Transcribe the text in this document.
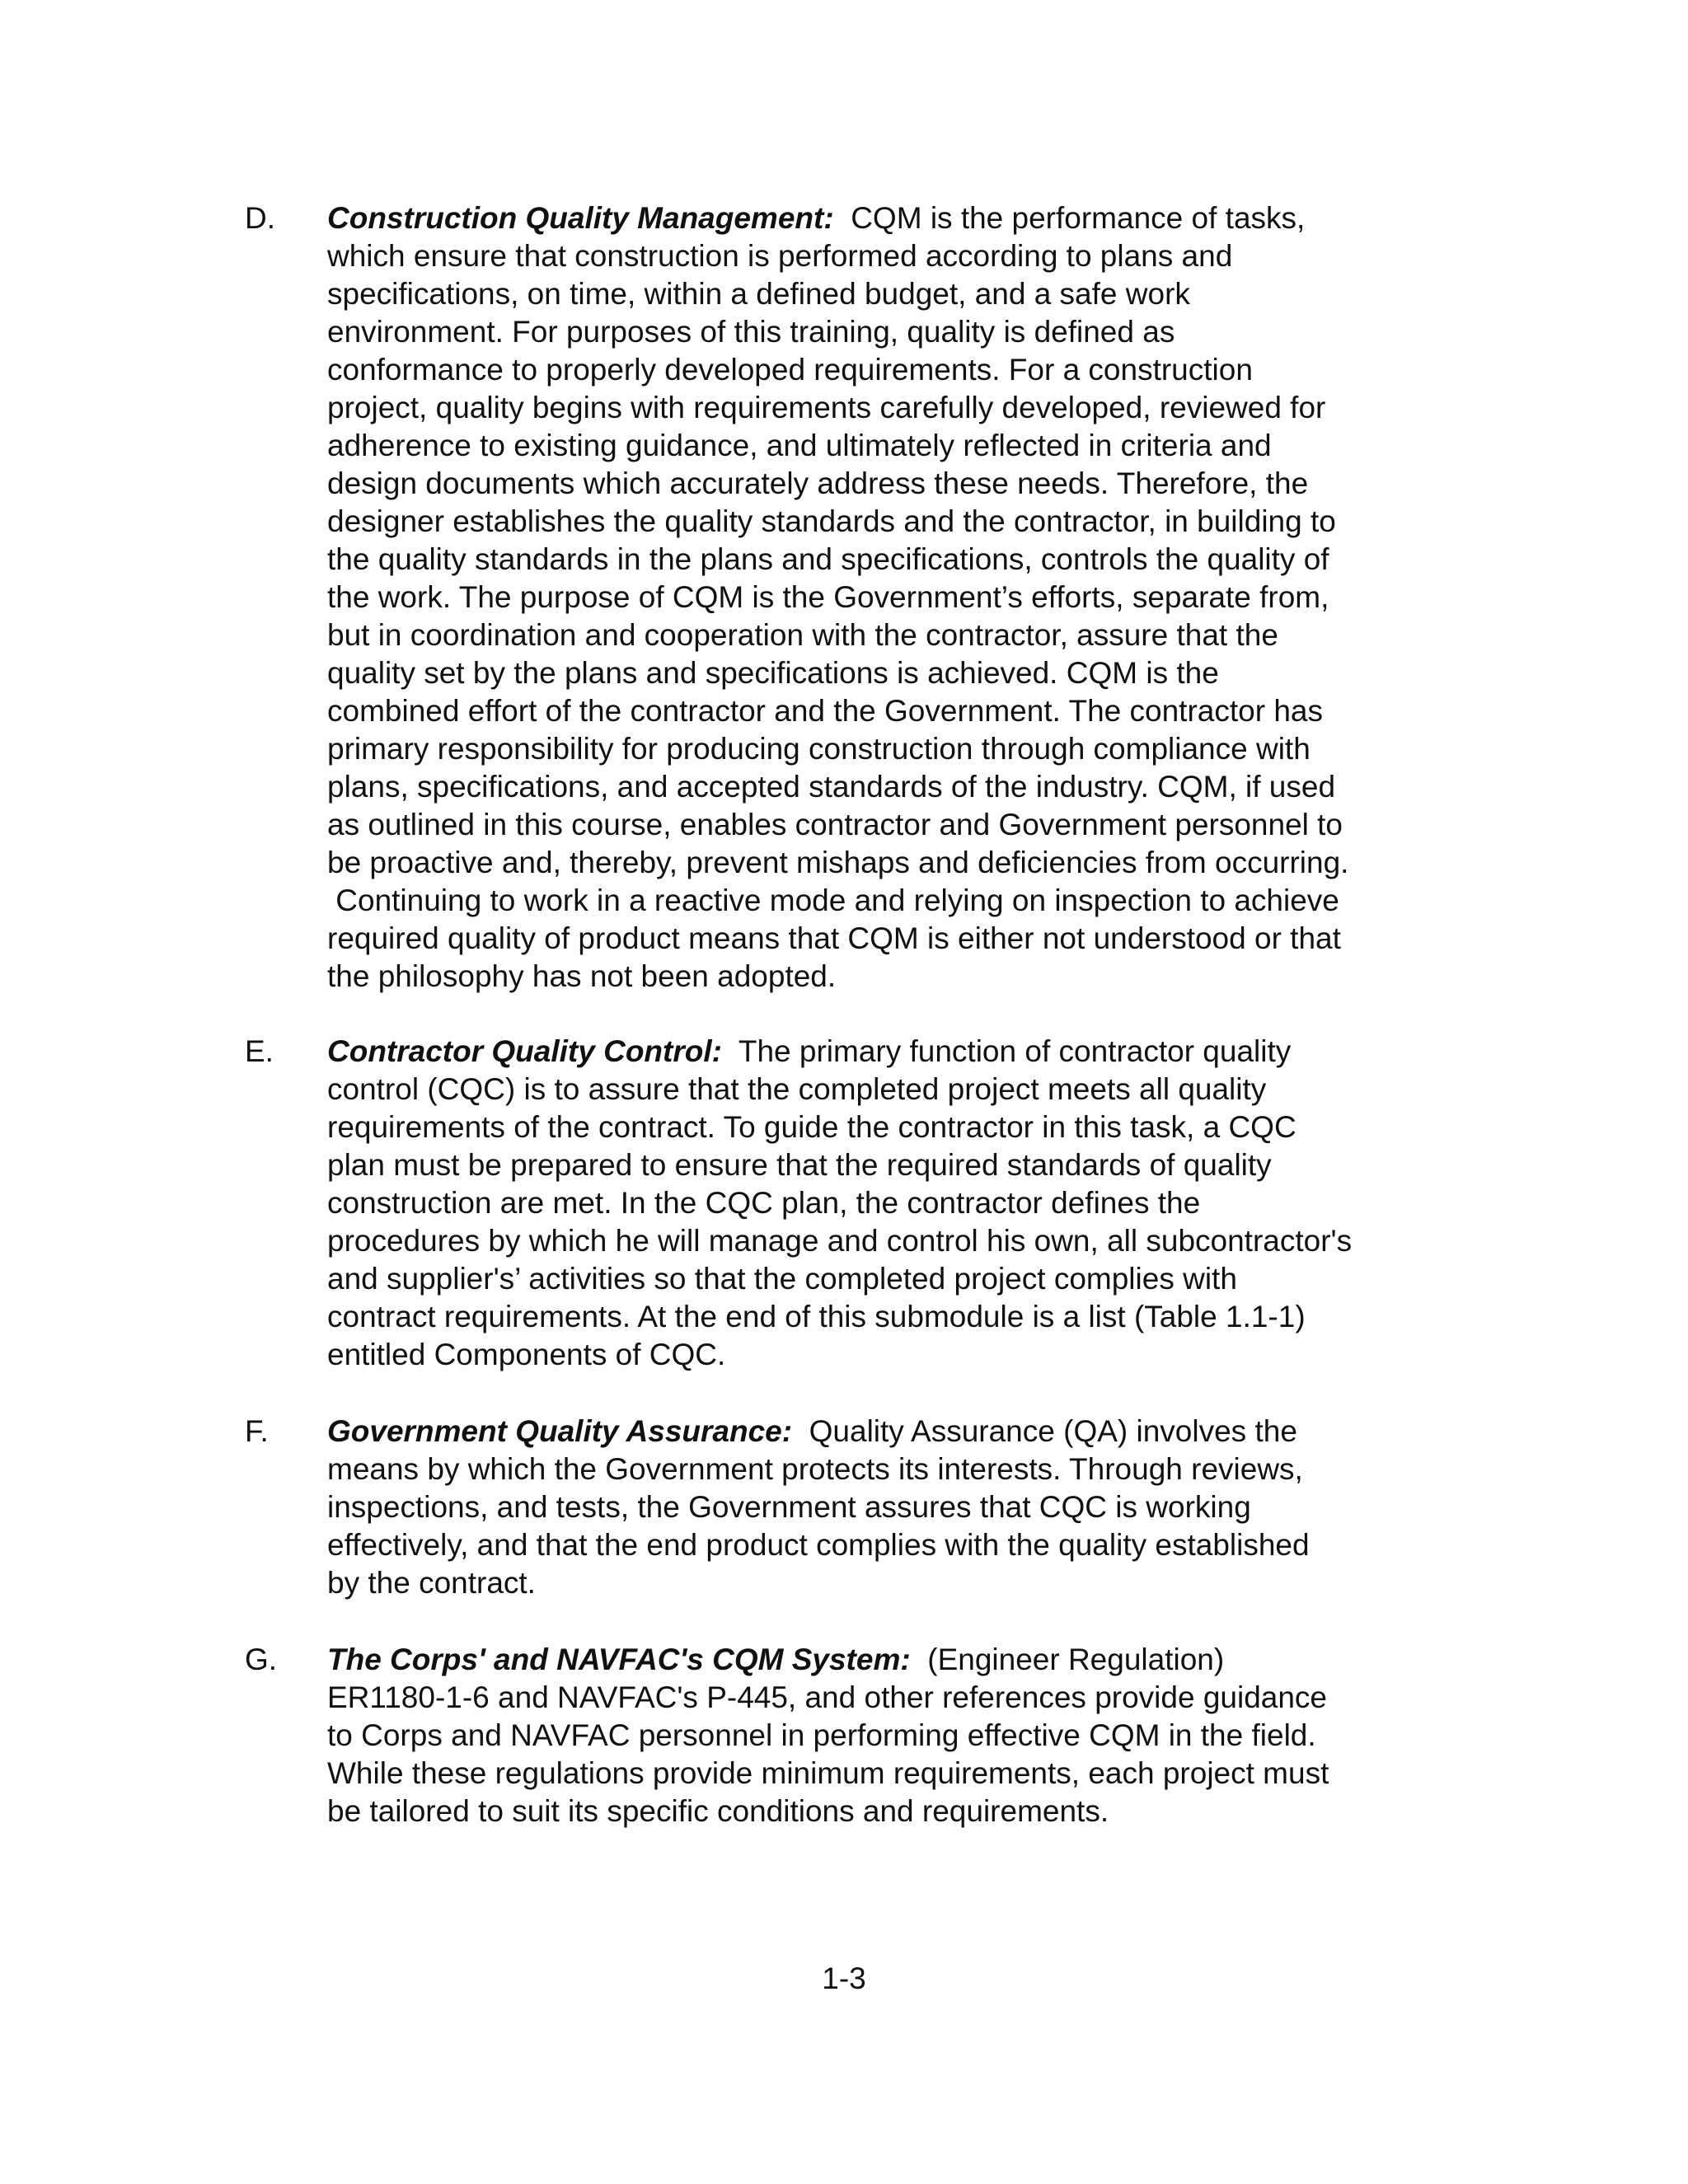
D. Construction Quality Management:  CQM is the performance of tasks,
which ensure that construction is performed according to plans and
specifications, on time, within a defined budget, and a safe work
environment. For purposes of this training, quality is defined as
conformance to properly developed requirements. For a construction
project, quality begins with requirements carefully developed, reviewed for
adherence to existing guidance, and ultimately reflected in criteria and
design documents which accurately address these needs. Therefore, the
designer establishes the quality standards and the contractor, in building to
the quality standards in the plans and specifications, controls the quality of
the work. The purpose of CQM is the Government’s efforts, separate from,
but in coordination and cooperation with the contractor, assure that the
quality set by the plans and specifications is achieved. CQM is the
combined effort of the contractor and the Government. The contractor has
primary responsibility for producing construction through compliance with
plans, specifications, and accepted standards of the industry. CQM, if used
as outlined in this course, enables contractor and Government personnel to
be proactive and, thereby, prevent mishaps and deficiencies from occurring.
Continuing to work in a reactive mode and relying on inspection to achieve
required quality of product means that CQM is either not understood or that
the philosophy has not been adopted.
E. Contractor Quality Control:  The primary function of contractor quality
control (CQC) is to assure that the completed project meets all quality
requirements of the contract. To guide the contractor in this task, a CQC
plan must be prepared to ensure that the required standards of quality
construction are met. In the CQC plan, the contractor defines the
procedures by which he will manage and control his own, all subcontractor's
and supplier's’ activities so that the completed project complies with
contract requirements. At the end of this submodule is a list (Table 1.1-1)
entitled Components of CQC.
F. Government Quality Assurance:  Quality Assurance (QA) involves the
means by which the Government protects its interests. Through reviews,
inspections, and tests, the Government assures that CQC is working
effectively, and that the end product complies with the quality established
by the contract.
G. The Corps' and NAVFAC's CQM System:  (Engineer Regulation)
ER1180-1-6 and NAVFAC's P-445, and other references provide guidance
to Corps and NAVFAC personnel in performing effective CQM in the field.
While these regulations provide minimum requirements, each project must
be tailored to suit its specific conditions and requirements.
1-3
